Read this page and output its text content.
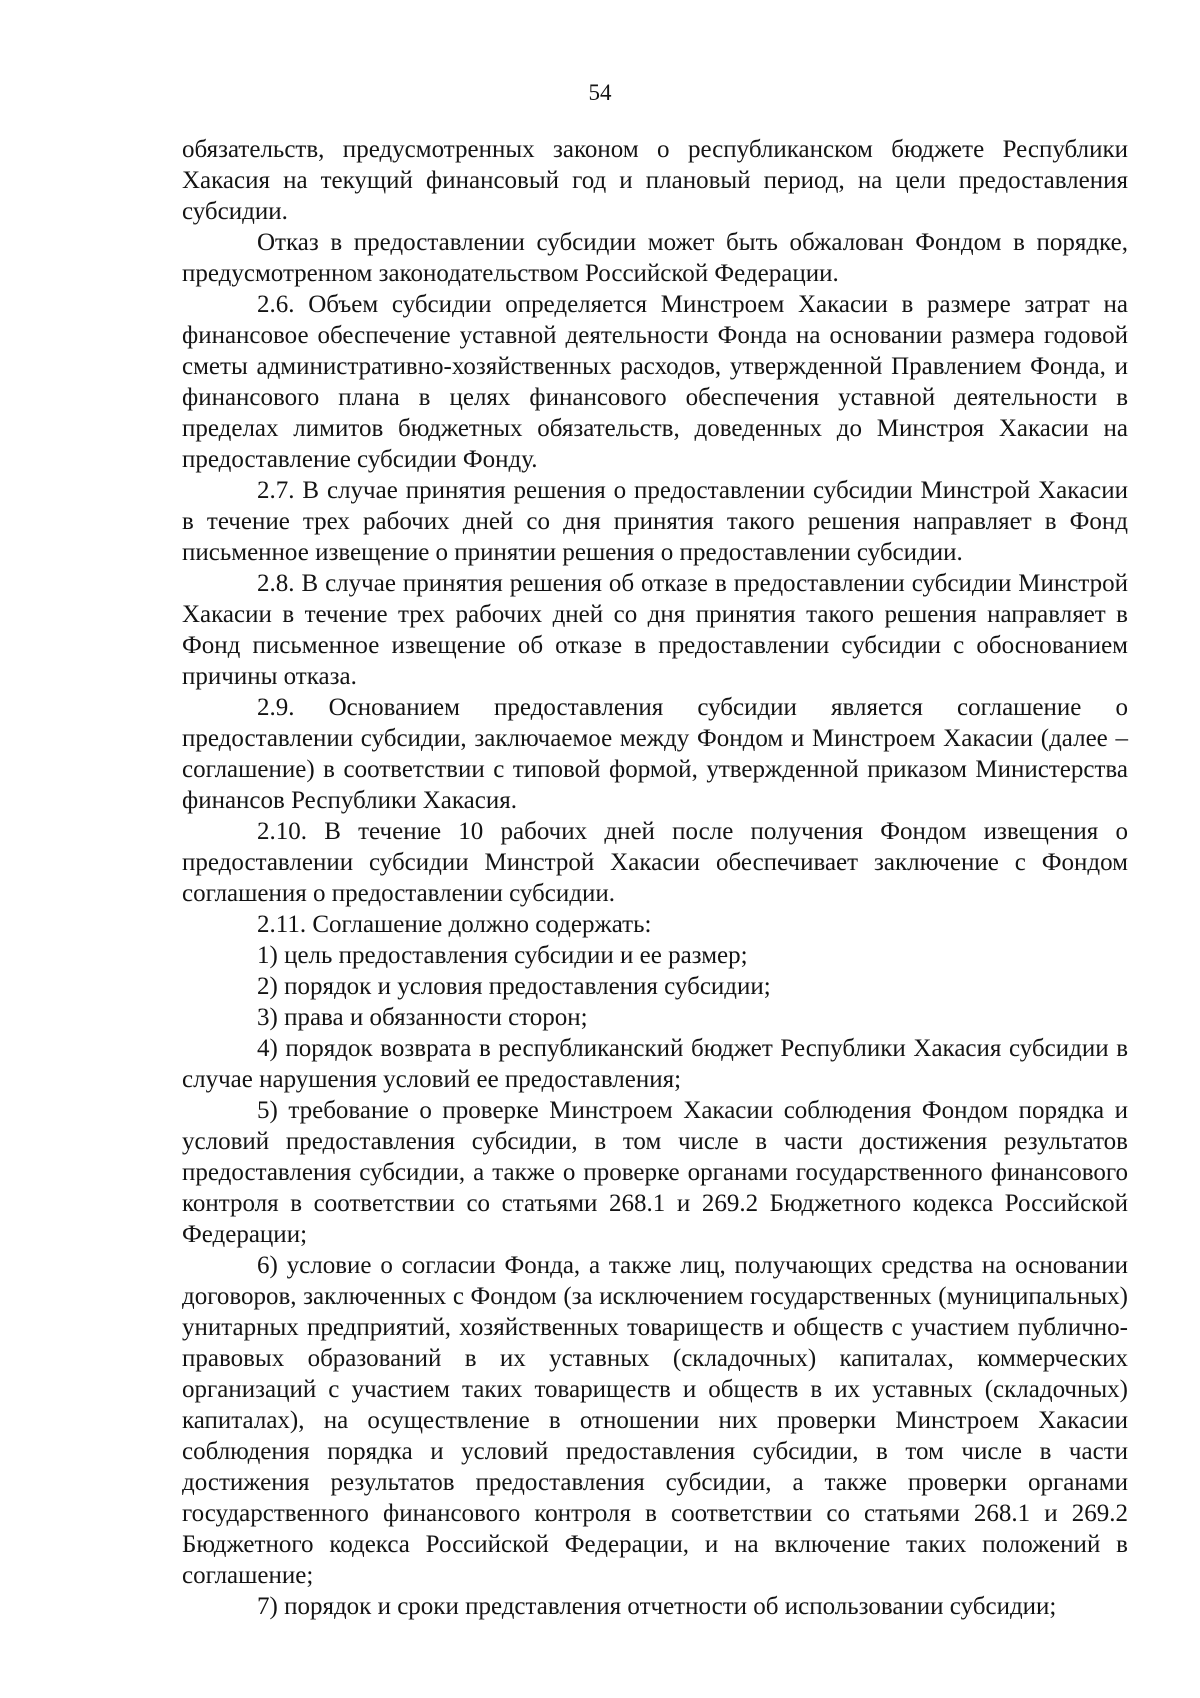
54

обязательств, предусмотренных законом о республиканском бюджете Республики Хакасия на текущий финансовый год и плановый период, на цели предоставления субсидии.

Отказ в предоставлении субсидии может быть обжалован Фондом в порядке, предусмотренном законодательством Российской Федерации.

2.6. Объем субсидии определяется Минстроем Хакасии в размере затрат на финансовое обеспечение уставной деятельности Фонда на основании размера годовой сметы административно-хозяйственных расходов, утвержденной Правлением Фонда, и финансового плана в целях финансового обеспечения уставной деятельности в пределах лимитов бюджетных обязательств, доведенных до Минстроя Хакасии на предоставление субсидии Фонду.

2.7. В случае принятия решения о предоставлении субсидии Минстрой Хакасии в течение трех рабочих дней со дня принятия такого решения направляет в Фонд письменное извещение о принятии решения о предоставлении субсидии.

2.8. В случае принятия решения об отказе в предоставлении субсидии Минстрой Хакасии в течение трех рабочих дней со дня принятия такого решения направляет в Фонд письменное извещение об отказе в предоставлении субсидии с обоснованием причины отказа.

2.9. Основанием предоставления субсидии является соглашение о предоставлении субсидии, заключаемое между Фондом и Минстроем Хакасии (далее – соглашение) в соответствии с типовой формой, утвержденной приказом Министерства финансов Республики Хакасия.

2.10. В течение 10 рабочих дней после получения Фондом извещения о предоставлении субсидии Минстрой Хакасии обеспечивает заключение с Фондом соглашения о предоставлении субсидии.

2.11. Соглашение должно содержать:

1) цель предоставления субсидии и ее размер;

2) порядок и условия предоставления субсидии;

3) права и обязанности сторон;

4) порядок возврата в республиканский бюджет Республики Хакасия субсидии в случае нарушения условий ее предоставления;

5) требование о проверке Минстроем Хакасии соблюдения Фондом порядка и условий предоставления субсидии, в том числе в части достижения результатов предоставления субсидии, а также о проверке органами государственного финансового контроля в соответствии со статьями 268.1 и 269.2 Бюджетного кодекса Российской Федерации;

6) условие о согласии Фонда, а также лиц, получающих средства на основании договоров, заключенных с Фондом (за исключением государственных (муниципальных) унитарных предприятий, хозяйственных товариществ и обществ с участием публично-правовых образований в их уставных (складочных) капиталах, коммерческих организаций с участием таких товариществ и обществ в их уставных (складочных) капиталах), на осуществление в отношении них проверки Минстроем Хакасии соблюдения порядка и условий предоставления субсидии, в том числе в части достижения результатов предоставления субсидии, а также проверки органами государственного финансового контроля в соответствии со статьями 268.1 и 269.2 Бюджетного кодекса Российской Федерации, и на включение таких положений в соглашение;

7) порядок и сроки представления отчетности об использовании субсидии;
